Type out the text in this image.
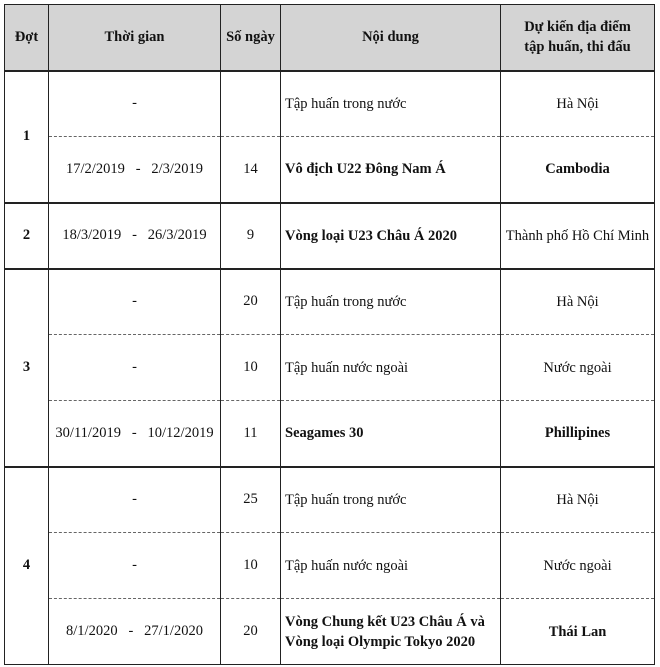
Đợt	Thời gian	Số ngày	Nội dung	Dự kiến địa điểm
tập huấn, thi đấu
1	-		Tập huấn trong nước	Hà Nội
	17/2/2019   -   2/3/2019	14	Vô địch U22 Đông Nam Á	Cambodia
2	18/3/2019   -   26/3/2019	9	Vòng loại U23 Châu Á 2020	Thành phố Hồ Chí Minh
3	-	20	Tập huấn trong nước	Hà Nội
	-	10	Tập huấn nước ngoài	Nước ngoài
	30/11/2019   -   10/12/2019	11	Seagames 30	Phillipines
4	-	25	Tập huấn trong nước	Hà Nội
	-	10	Tập huấn nước ngoài	Nước ngoài
	8/1/2020   -   27/1/2020	20	Vòng Chung kết U23 Châu Á và Vòng loại Olympic Tokyo 2020	Thái Lan
